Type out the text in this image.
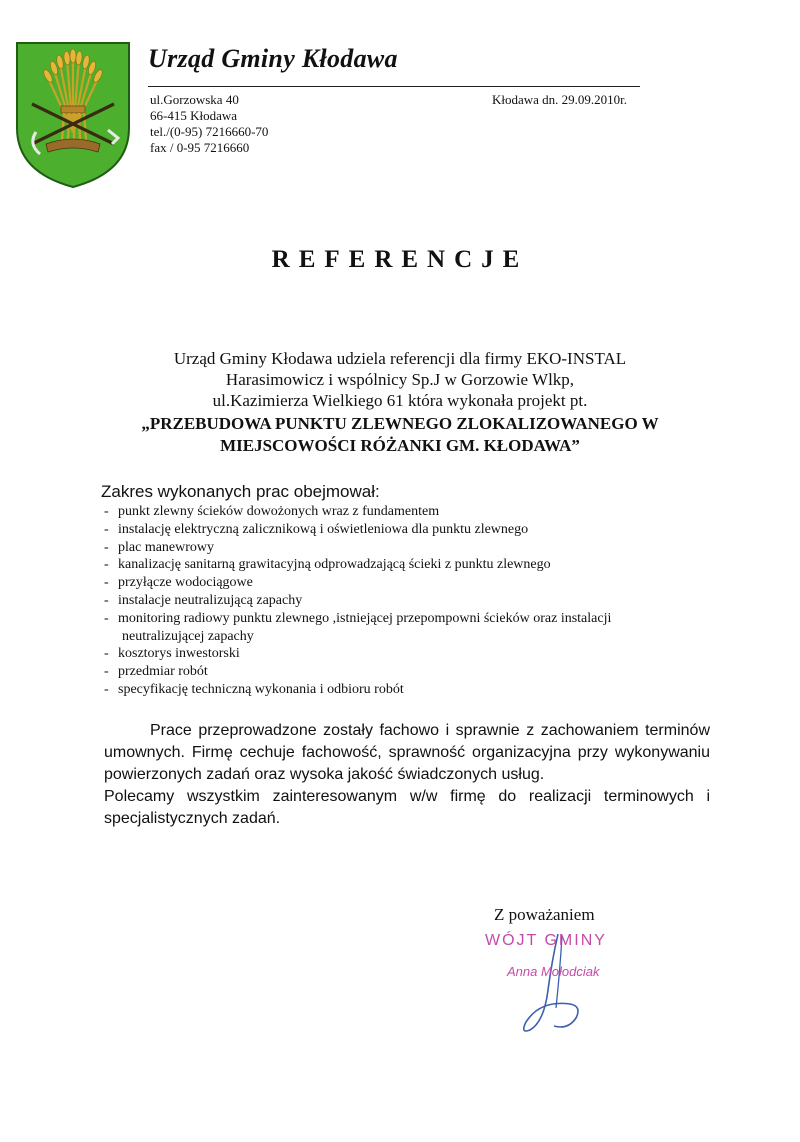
Urząd Gminy Kłodawa
ul.Gorzowska 40
66-415 Kłodawa
tel./(0-95) 7216660-70
fax / 0-95 7216660
Kłodawa dn. 29.09.2010r.
REFERENCJE
Urząd Gminy Kłodawa udziela referencji dla firmy EKO-INSTAL
Harasimowicz i wspólnicy Sp.J w Gorzowie Wlkp,
ul.Kazimierza Wielkiego 61 która wykonała projekt pt.
„PRZEBUDOWA PUNKTU ZLEWNEGO ZLOKALIZOWANEGO W
MIEJSCOWOŚCI RÓŻANKI GM. KŁODAWA”
Zakres wykonanych prac obejmował:
- punkt zlewny ścieków dowożonych wraz z fundamentem
- instalację elektryczną zalicznikową i oświetleniowa dla punktu zlewnego
- plac manewrowy
- kanalizację sanitarną grawitacyjną odprowadzającą ścieki z punktu zlewnego
- przyłącze wodociągowe
- instalacje neutralizującą zapachy
- monitoring radiowy punktu zlewnego ,istniejącej przepompowni ścieków oraz instalacji
neutralizującej zapachy
- kosztorys inwestorski
- przedmiar robót
- specyfikację techniczną wykonania i odbioru robót

Prace przeprowadzone zostały fachowo i sprawnie z zachowaniem terminów umownych. Firmę cechuje fachowość, sprawność organizacyjna przy wykonywaniu powierzonych zadań oraz wysoka jakość świadczonych usług.

Polecamy wszystkim zainteresowanym w/w firmę do realizacji terminowych i specjalistycznych zadań.

Z poważaniem
WÓJT GMINY
Anna Mołodciak
